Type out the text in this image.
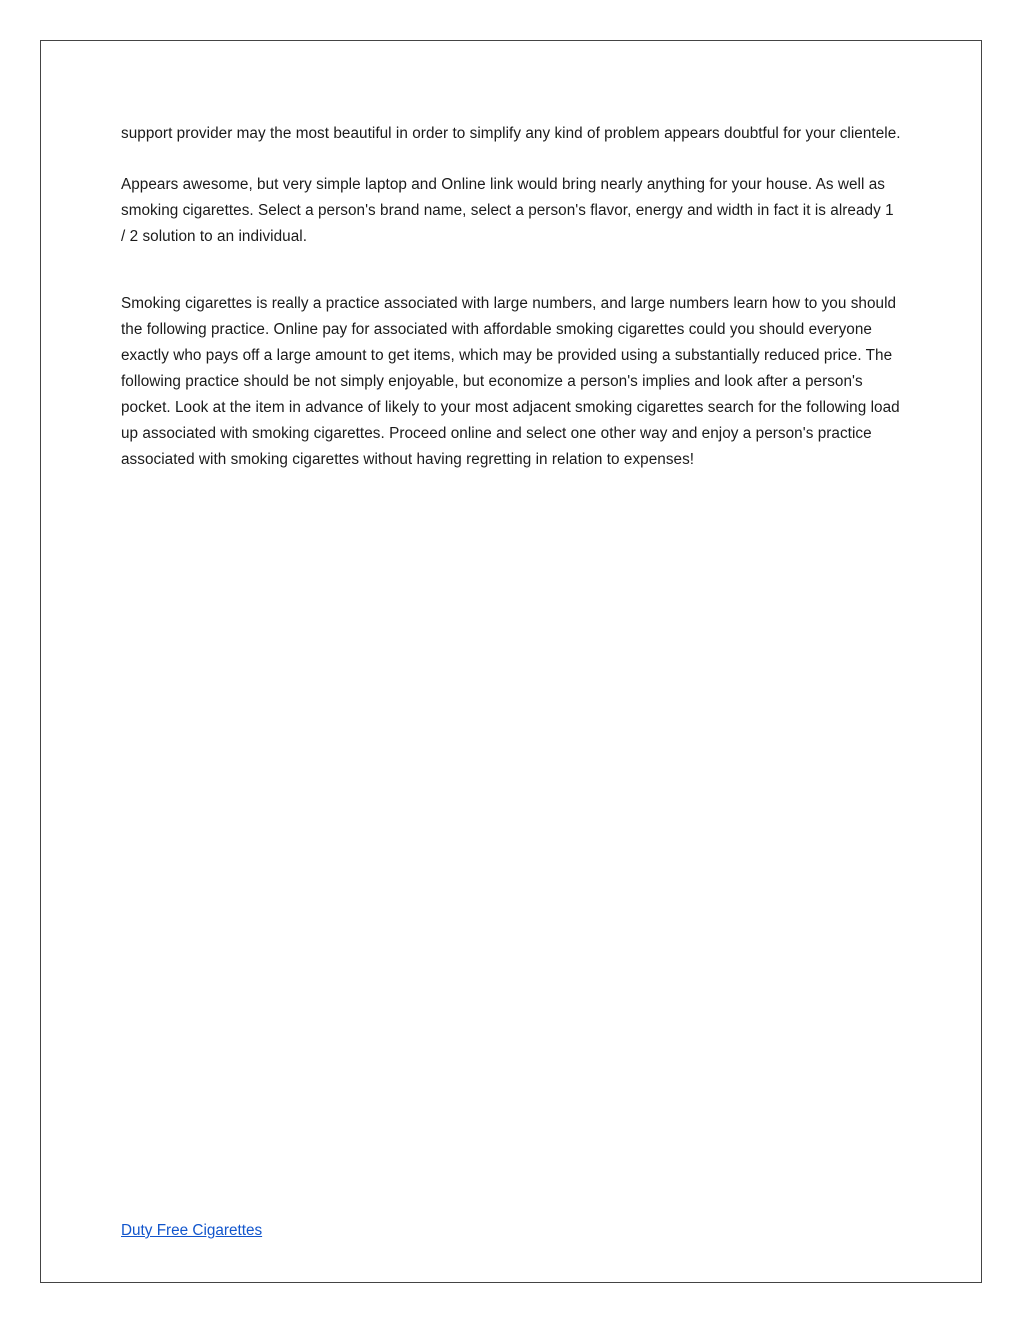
support provider may the most beautiful in order to simplify any kind of problem appears doubtful for your clientele.

Appears awesome, but very simple laptop and Online link would bring nearly anything for your house. As well as smoking cigarettes. Select a person's brand name, select a person's flavor, energy and width in fact it is already 1 / 2 solution to an individual.

Smoking cigarettes is really a practice associated with large numbers, and large numbers learn how to you should the following practice. Online pay for associated with affordable smoking cigarettes could you should everyone exactly who pays off a large amount to get items, which may be provided using a substantially reduced price. The following practice should be not simply enjoyable, but economize a person's implies and look after a person's pocket. Look at the item in advance of likely to your most adjacent smoking cigarettes search for the following load up associated with smoking cigarettes. Proceed online and select one other way and enjoy a person's practice associated with smoking cigarettes without having regretting in relation to expenses!

Duty Free Cigarettes
